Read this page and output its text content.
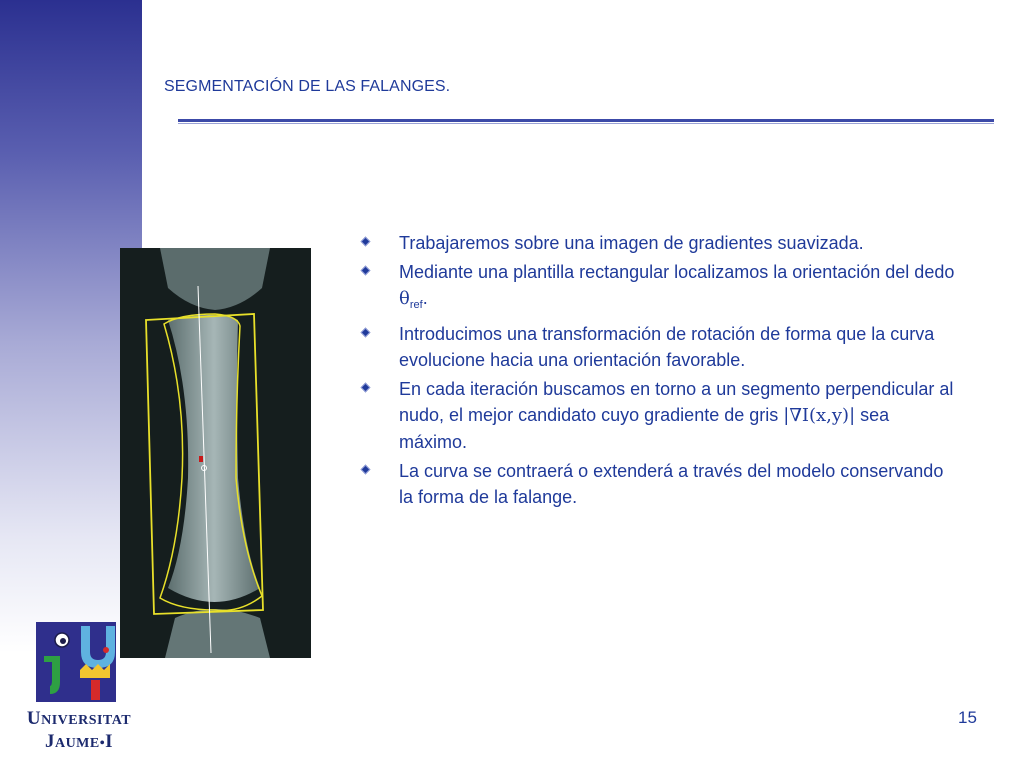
SEGMENTACIÓN DE LAS FALANGES.
Trabajaremos sobre una imagen de gradientes suavizada.
Mediante una plantilla rectangular localizamos la orientación del dedo $\theta_{ref}$.
Introducimos una transformación de rotación de forma que la curva evolucione hacia una orientación favorable.
En cada iteración buscamos en torno a un segmento perpendicular al nudo, el mejor candidato cuyo gradiente de gris |∇I(x,y)| sea máximo.
La curva se contraerá o extenderá a través del modelo conservando la forma de la falange.
UNIVERSITAT
JAUME•I
15
